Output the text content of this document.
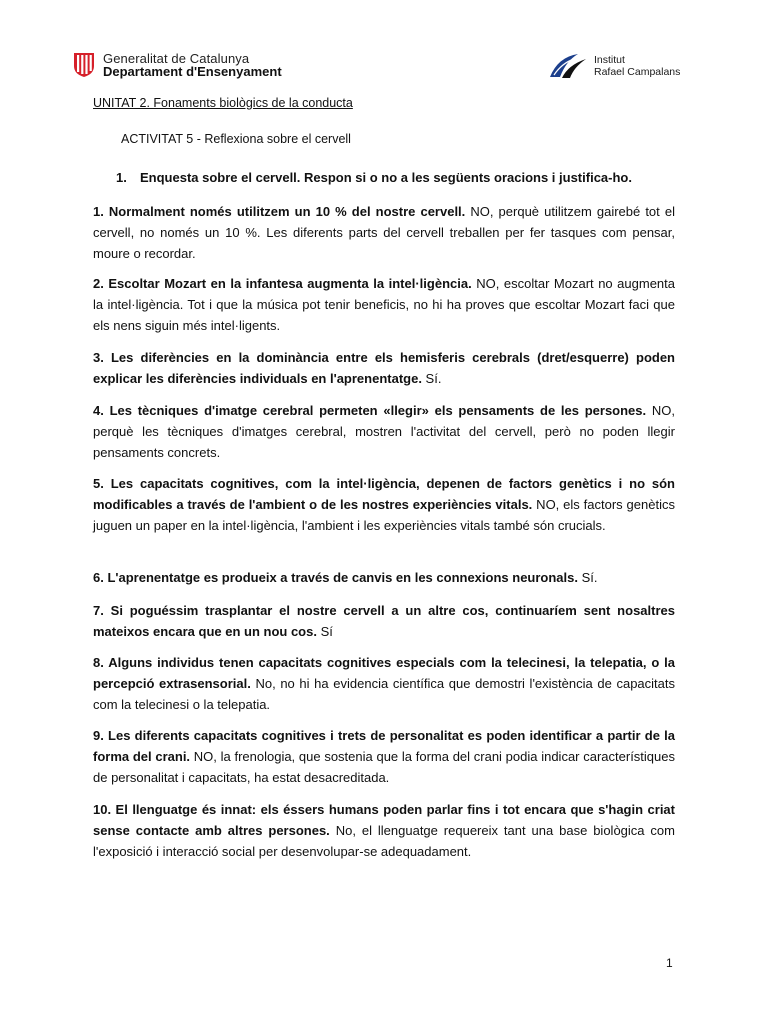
Generalitat de Catalunya
Departament d'Ensenyament
Institut
Rafael Campalans
UNITAT 2. Fonaments biològics de la conducta
ACTIVITAT 5 - Reflexiona sobre el cervell
1.	Enquesta sobre el cervell. Respon si o no a les següents oracions i justifica-ho.
1. Normalment només utilitzem un 10 % del nostre cervell. NO, perquè utilitzem gairebé tot el cervell, no només un 10 %. Les diferents parts del cervell treballen per fer tasques com pensar, moure o recordar.
2. Escoltar Mozart en la infantesa augmenta la intel·ligència. NO, escoltar Mozart no augmenta la intel·ligència. Tot i que la música pot tenir beneficis, no hi ha proves que escoltar Mozart faci que els nens siguin més intel·ligents.
3. Les diferències en la dominància entre els hemisferis cerebrals (dret/esquerre) poden explicar les diferències individuals en l'aprenentatge. Sí.
4. Les tècniques d'imatge cerebral permeten «llegir» els pensaments de les persones. NO, perquè les tècniques d'imatges cerebral, mostren l'activitat del cervell, però no poden llegir pensaments concrets.
5. Les capacitats cognitives, com la intel·ligència, depenen de factors genètics i no són modificables a través de l'ambient o de les nostres experiències vitals. NO, els factors genètics juguen un paper en la intel·ligència, l'ambient i les experiències vitals també són crucials.
6. L'aprenentatge es produeix a través de canvis en les connexions neuronals. Sí.
7. Si poguéssim trasplantar el nostre cervell a un altre cos, continuaríem sent nosaltres mateixos encara que en un nou cos. Sí
8. Alguns individus tenen capacitats cognitives especials com la telecinesi, la telepatia, o la percepció extrasensorial. No, no hi ha evidencia científica que demostri l'existència de capacitats com la telecinesi o la telepatia.
9. Les diferents capacitats cognitives i trets de personalitat es poden identificar a partir de la forma del crani. NO, la frenologia, que sostenia que la forma del crani podia indicar característiques de personalitat i capacitats, ha estat desacreditada.
10. El llenguatge és innat: els éssers humans poden parlar fins i tot encara que s'hagin criat sense contacte amb altres persones. No, el llenguatge requereix tant una base biològica com l'exposició i interacció social per desenvolupar-se adequadament.
1
